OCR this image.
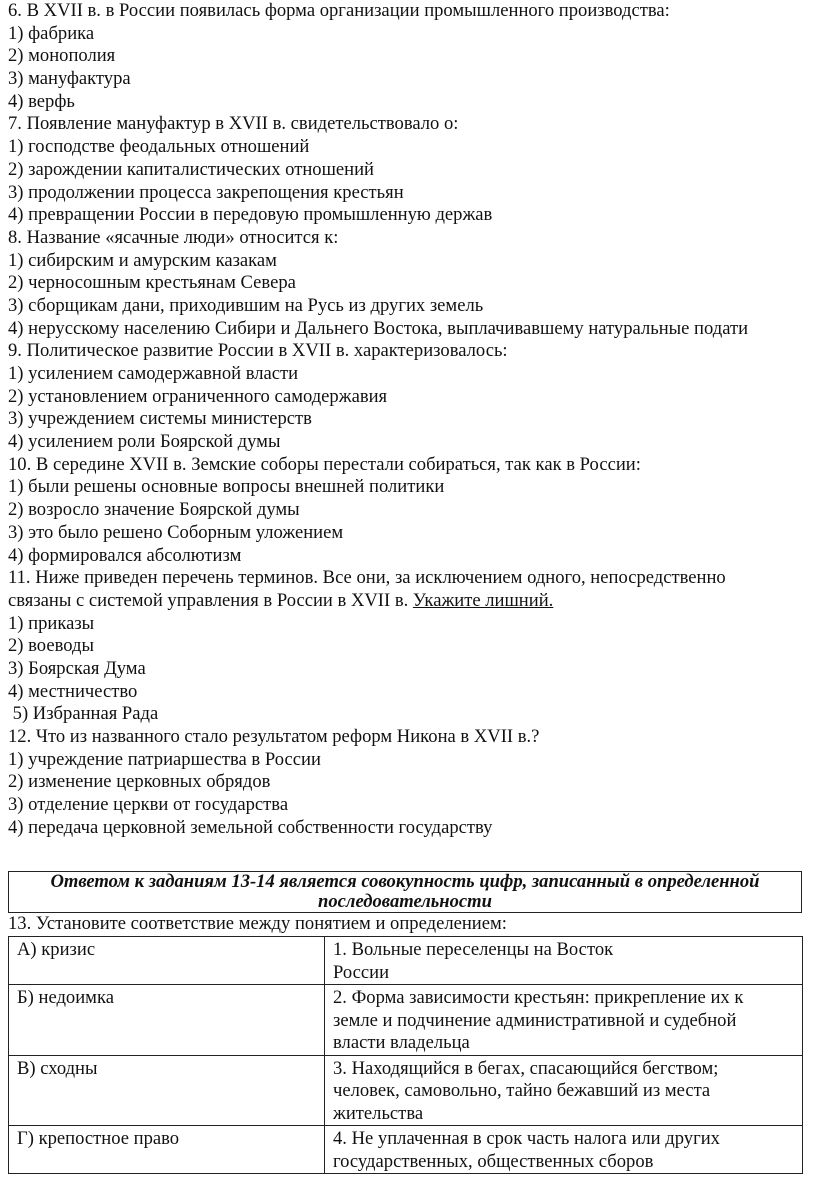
6. В XVII в. в России появилась форма организации промышленного производства:
1) фабрика
2) монополия
3) мануфактура
4) верфь
7. Появление мануфактур в XVII в. свидетельствовало о:
1) господстве феодальных отношений
2) зарождении капиталистических отношений
3) продолжении процесса закрепощения крестьян
4) превращении России в передовую промышленную держав
8. Название «ясачные люди» относится к:
1) сибирским и амурским казакам
2) черносошным крестьянам Севера
3) сборщикам дани, приходившим на Русь из других земель
4) нерусскому населению Сибири и Дальнего Востока, выплачивавшему натуральные подати
9. Политическое развитие России в XVII в. характеризовалось:
1) усилением самодержавной власти
2) установлением ограниченного самодержавия
3) учреждением системы министерств
4) усилением роли Боярской думы
10. В середине XVII в. Земские соборы перестали собираться, так как в России:
1) были решены основные вопросы внешней политики
2) возросло значение Боярской думы
3) это было решено Соборным уложением
4) формировался абсолютизм
11. Ниже приведен перечень терминов. Все они, за исключением одного, непосредственно
связаны с системой управления в России в XVII в. Укажите лишний.
1) приказы
2) воеводы
3) Боярская Дума
4) местничество
5) Избранная Рада
12. Что из названного стало результатом реформ Никона в XVII в.?
1) учреждение патриаршества в России
2) изменение церковных обрядов
3) отделение церкви от государства
4) передача церковной земельной собственности государству
Ответом к заданиям 13-14 является совокупность цифр, записанный в определенной
последовательности
13. Установите соответствие между понятием и определением:
А) кризис	1. Вольные переселенцы на Восток
России

Б) недоимка	2. Форма зависимости крестьян: прикрепление их к
земле и подчинение административной и судебной
власти владельца

В) сходны	3. Находящийся в бегах, спасающийся бегством;
человек, самовольно, тайно бежавший из места
жительства

Г) крепостное право	4. Не уплаченная в срок часть налога или других
государственных, общественных сборов
